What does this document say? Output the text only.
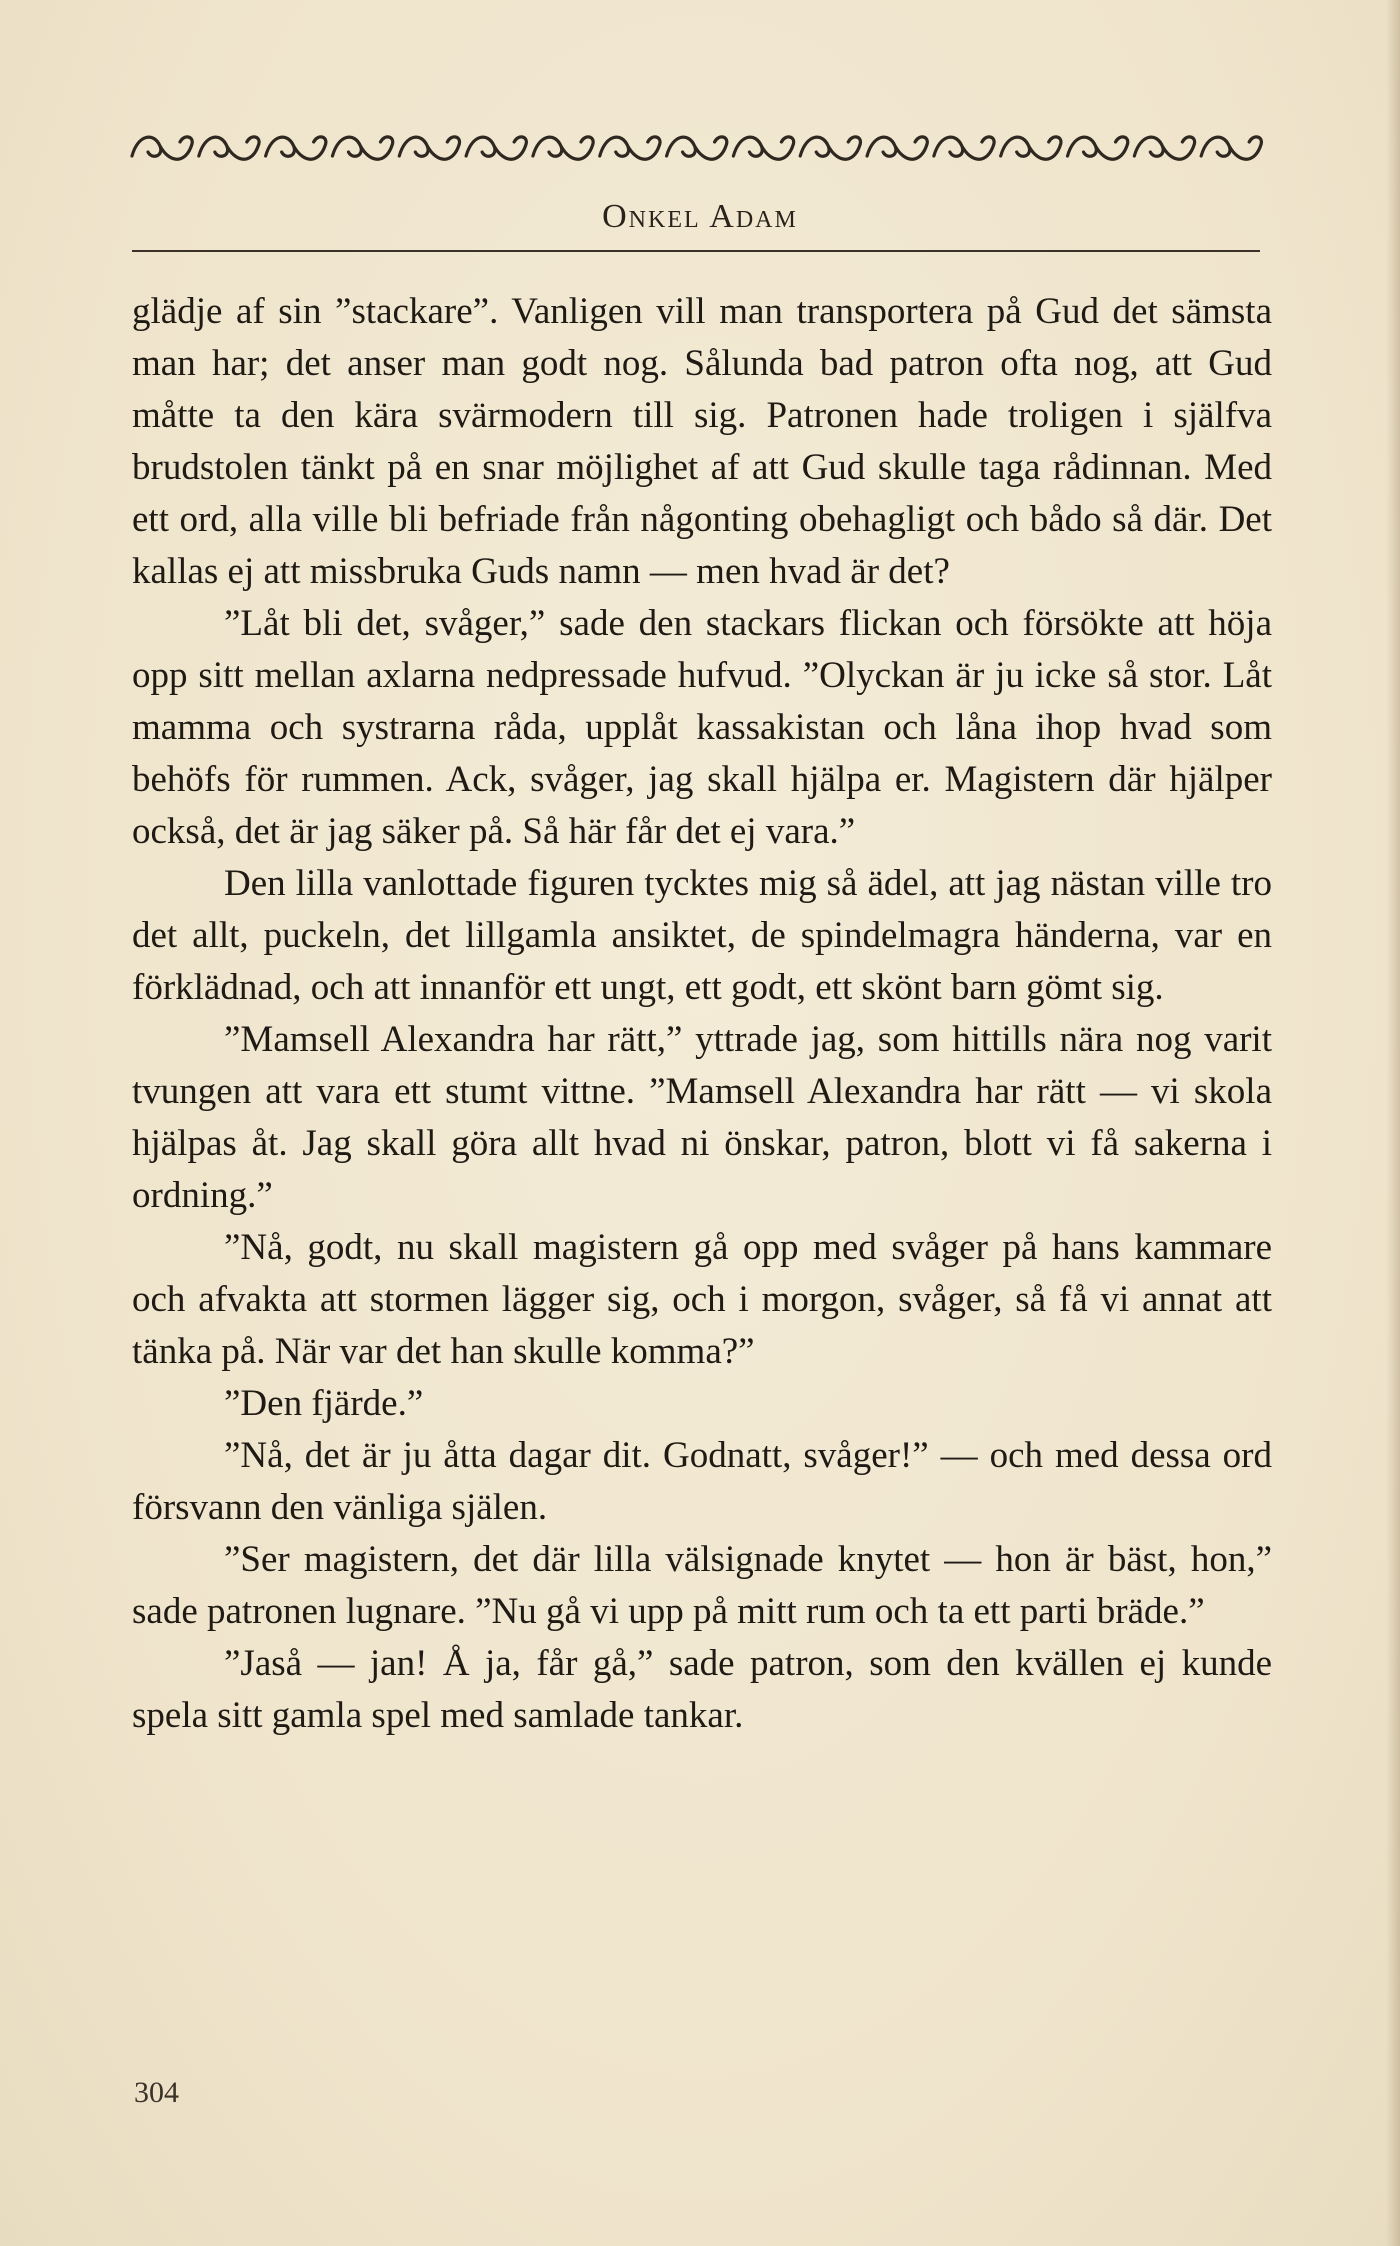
Onkel Adam

glädje af sin ”stackare”. Vanligen vill man transportera på Gud det sämsta man har; det anser man godt nog. Sålunda bad patron ofta nog, att Gud måtte ta den kära svärmodern till sig. Patronen hade troligen i själfva brudstolen tänkt på en snar möjlighet af att Gud skulle taga rådinnan. Med ett ord, alla ville bli befriade från någonting obehagligt och bådo så där. Det kallas ej att missbruka Guds namn — men hvad är det?

”Låt bli det, svåger,” sade den stackars flickan och försökte att höja opp sitt mellan axlarna nedpressade hufvud. ”Olyckan är ju icke så stor. Låt mamma och systrarna råda, upplåt kassakistan och låna ihop hvad som behöfs för rummen. Ack, svåger, jag skall hjälpa er. Magistern där hjälper också, det är jag säker på. Så här får det ej vara.”

Den lilla vanlottade figuren tycktes mig så ädel, att jag nästan ville tro det allt, puckeln, det lillgamla ansiktet, de spindelmagra händerna, var en förklädnad, och att innanför ett ungt, ett godt, ett skönt barn gömt sig.

”Mamsell Alexandra har rätt,” yttrade jag, som hittills nära nog varit tvungen att vara ett stumt vittne. ”Mamsell Alexandra har rätt — vi skola hjälpas åt. Jag skall göra allt hvad ni önskar, patron, blott vi få sakerna i ordning.”

”Nå, godt, nu skall magistern gå opp med svåger på hans kammare och afvakta att stormen lägger sig, och i morgon, svåger, så få vi annat att tänka på. När var det han skulle komma?”

”Den fjärde.”

”Nå, det är ju åtta dagar dit. Godnatt, svåger!” — och med dessa ord försvann den vänliga själen.

”Ser magistern, det där lilla välsignade knytet — hon är bäst, hon,” sade patronen lugnare. ”Nu gå vi upp på mitt rum och ta ett parti bräde.”

”Jaså — jan! Å ja, får gå,” sade patron, som den kvällen ej kunde spela sitt gamla spel med samlade tankar.

304
